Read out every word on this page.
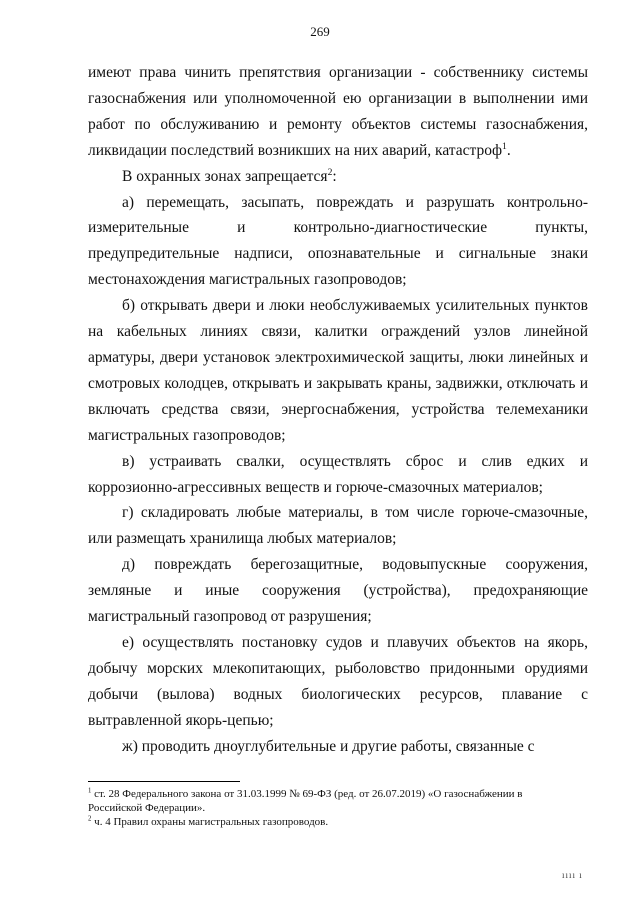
269

имеют права чинить препятствия организации - собственнику системы газоснабжения или уполномоченной ею организации в выполнении ими работ по обслуживанию и ремонту объектов системы газоснабжения, ликвидации последствий возникших на них аварий, катастроф$^1$.

В охранных зонах запрещается$^2$:

а) перемещать, засыпать, повреждать и разрушать контрольно-измерительные и контрольно-диагностические пункты, предупредительные надписи, опознавательные и сигнальные знаки местонахождения магистральных газопроводов;

б) открывать двери и люки необслуживаемых усилительных пунктов на кабельных линиях связи, калитки ограждений узлов линейной арматуры, двери установок электрохимической защиты, люки линейных и смотровых колодцев, открывать и закрывать краны, задвижки, отключать и включать средства связи, энергоснабжения, устройства телемеханики магистральных газопроводов;

в) устраивать свалки, осуществлять сброс и слив едких и коррозионно-агрессивных веществ и горюче-смазочных материалов;

г) складировать любые материалы, в том числе горюче-смазочные, или размещать хранилища любых материалов;

д) повреждать берегозащитные, водовыпускные сооружения, земляные и иные сооружения (устройства), предохраняющие магистральный газопровод от разрушения;

е) осуществлять постановку судов и плавучих объектов на якорь, добычу морских млекопитающих, рыболовство придонными орудиями добычи (вылова) водных биологических ресурсов, плавание с вытравленной якорь-цепью;

ж) проводить дноуглубительные и другие работы, связанные с

$^1$ ст. 28 Федерального закона от 31.03.1999 № 69-ФЗ (ред. от 26.07.2019) «О газоснабжении в Российской Федерации».

$^2$ ч. 4 Правил охраны магистральных газопроводов.

ıııı ı
